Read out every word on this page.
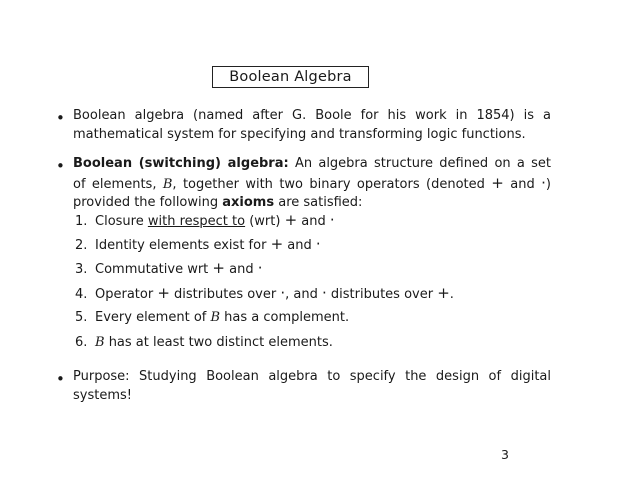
Boolean Algebra
• Boolean algebra (named after G. Boole for his work in 1854) is a
mathematical system for specifying and transforming logic functions.
• Boolean (switching) algebra: An algebra structure defined on a set
of elements, B, together with two binary operators (denoted + and ·)
provided the following axioms are satisfied:
1. Closure with respect to (wrt) + and ·
2. Identity elements exist for + and ·
3. Commutative wrt + and ·
4. Operator + distributes over ·, and · distributes over +.
5. Every element of B has a complement.
6. B has at least two distinct elements.
• Purpose: Studying Boolean algebra to specify the design of digital
systems!
3
